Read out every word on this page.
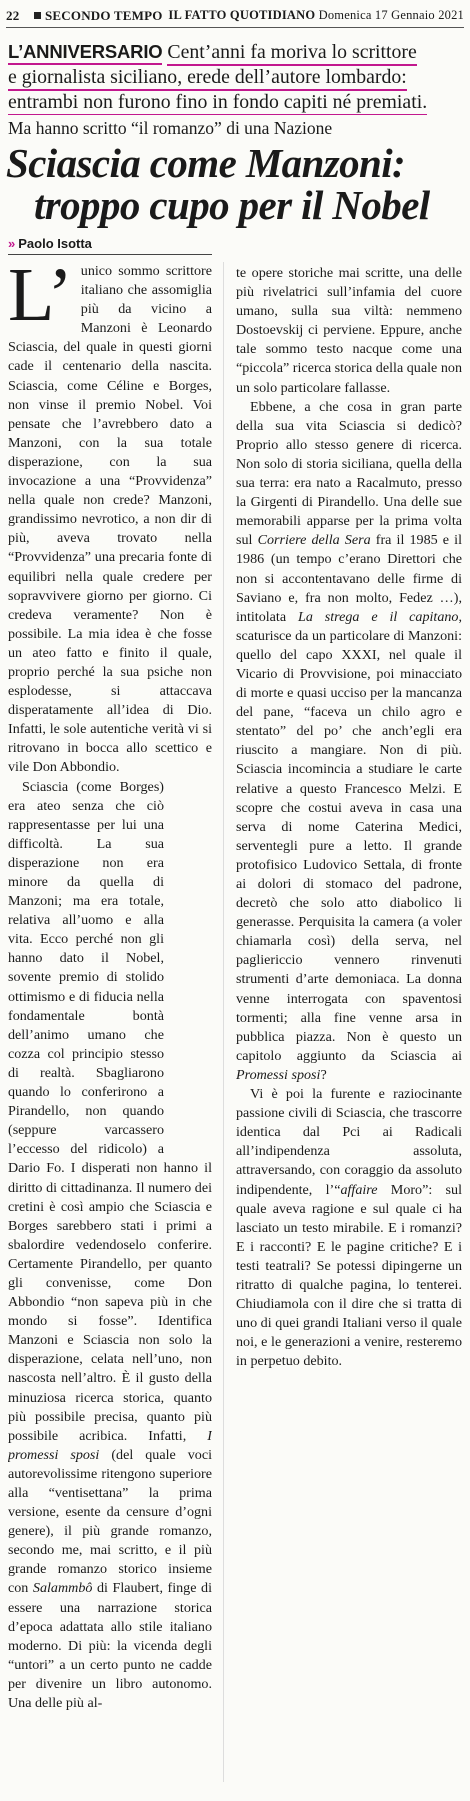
22	SECONDO TEMPO IL FATTO QUOTIDIANO Domenica 17 Gennaio 2021
L’ANNIVERSARIO Cent’anni fa moriva lo scrittore
e giornalista siciliano, erede dell’autore lombardo:
entrambi non furono fino in fondo capiti né premiati.
Ma hanno scritto “il romanzo” di una Nazione
Sciascia come Manzoni:
troppo cupo per il Nobel
» Paolo Isotta

L’ unico sommo scrittore italiano che assomiglia più da vicino a Manzoni è Leonardo Sciascia, del quale in questi giorni cade il centenario della nascita. Sciascia, come Céline e Borges, non vinse il premio Nobel. Voi pensate che l’avrebbero dato a Manzoni, con la sua totale disperazione, con la sua invocazione a una “Provvidenza” nella quale non crede? Manzoni, grandissimo nevrotico, a non dir di più, aveva trovato nella “Provvidenza” una precaria fonte di equilibri nella quale credere per sopravvivere giorno per giorno. Ci credeva veramente? Non è possibile. La mia idea è che fosse un ateo fatto e finito il quale, proprio perché la sua psiche non esplodesse, si attaccava disperatamente all’idea di Dio. Infatti, le sole autentiche verità vi si ritrovano in bocca allo scettico e vile Don Abbondio.

Sciascia (come Borges) era ateo senza che ciò rappresentasse per lui una difficoltà. La sua disperazione non era minore da quella di Manzoni; ma era totale, relativa all’uomo e alla vita. Ecco perché non gli hanno dato il Nobel, sovente premio di stolido ottimismo e di fiducia nella fondamentale bontà dell’animo umano che cozza col principio stesso di realtà. Sbagliarono quando lo conferirono a Pirandello, non quando (seppure varcassero l’eccesso del ridicolo) a Dario Fo. I disperati non hanno il diritto di cittadinanza. Il numero dei cretini è così ampio che Sciascia e Borges sarebbero stati i primi a sbalordire vedendoselo conferire. Certamente Pirandello, per quanto gli convenisse, come Don Abbondio “non sapeva più in che mondo si fosse”. Identifica Manzoni e Sciascia non solo la disperazione, celata nell’uno, non nascosta nell’altro. È il gusto della minuziosa ricerca storica, quanto più possibile precisa, quanto più possibile acribica. Infatti, I promessi sposi (del quale voci autorevolissime ritengono superiore alla “ventisettana” la prima versione, esente da censure d’ogni genere), il più grande romanzo, secondo me, mai scritto, e il più grande romanzo storico insieme con Salammbô di Flaubert, finge di essere una narrazione storica d’epoca adattata allo stile italiano moderno. Di più: la vicenda degli “untori” a un certo punto ne cadde per divenire un libro autonomo. Una delle più al-

te opere storiche mai scritte, una delle più rivelatrici sull’infamia del cuore umano, sulla sua viltà: nemmeno Dostoevskij ci perviene. Eppure, anche tale sommo testo nacque come una “piccola” ricerca storica della quale non un solo particolare fallasse.

Ebbene, a che cosa in gran parte della sua vita Sciascia si dedicò? Proprio allo stesso genere di ricerca. Non solo di storia siciliana, quella della sua terra: era nato a Racalmuto, presso la Girgenti di Pirandello. Una delle sue memorabili apparse per la prima volta sul Corriere della Sera fra il 1985 e il 1986 (un tempo c’erano Direttori che non si accontentavano delle firme di Saviano e, fra non molto, Fedez …), intitolata La strega e il capitano, scaturisce da un particolare di Manzoni: quello del capo XXXI, nel quale il Vicario di Provvisione, poi minacciato di morte e quasi ucciso per la mancanza del pane, “faceva un chilo agro e stentato” del po’ che anch’egli era riuscito a mangiare. Non di più. Sciascia incomincia a studiare le carte relative a questo Francesco Melzi. E scopre che costui aveva in casa una serva di nome Caterina Medici, serventegli pure a letto. Il grande protofisico Ludovico Settala, di fronte ai dolori di stomaco del padrone, decretò che solo atto diabolico li generasse. Perquisita la camera (a voler chiamarla così) della serva, nel pagliericcio vennero rinvenuti strumenti d’arte demoniaca. La donna venne interrogata con spaventosi tormenti; alla fine venne arsa in pubblica piazza. Non è questo un capitolo aggiunto da Sciascia ai Promessi sposi?

Vi è poi la furente e raziocinante passione civili di Sciascia, che trascorre identica dal Pci ai Radicali all’indipendenza assoluta, attraversando, con coraggio da assoluto indipendente, l’“affaire Moro”: sul quale aveva ragione e sul quale ci ha lasciato un testo mirabile. E i romanzi? E i racconti? E le pagine critiche? E i testi teatrali? Se potessi dipingerne un ritratto di qualche pagina, lo tenterei. Chiudiamola con il dire che si tratta di uno di quei grandi Italiani verso il quale noi, e le generazioni a venire, resteremo in perpetuo debito.
